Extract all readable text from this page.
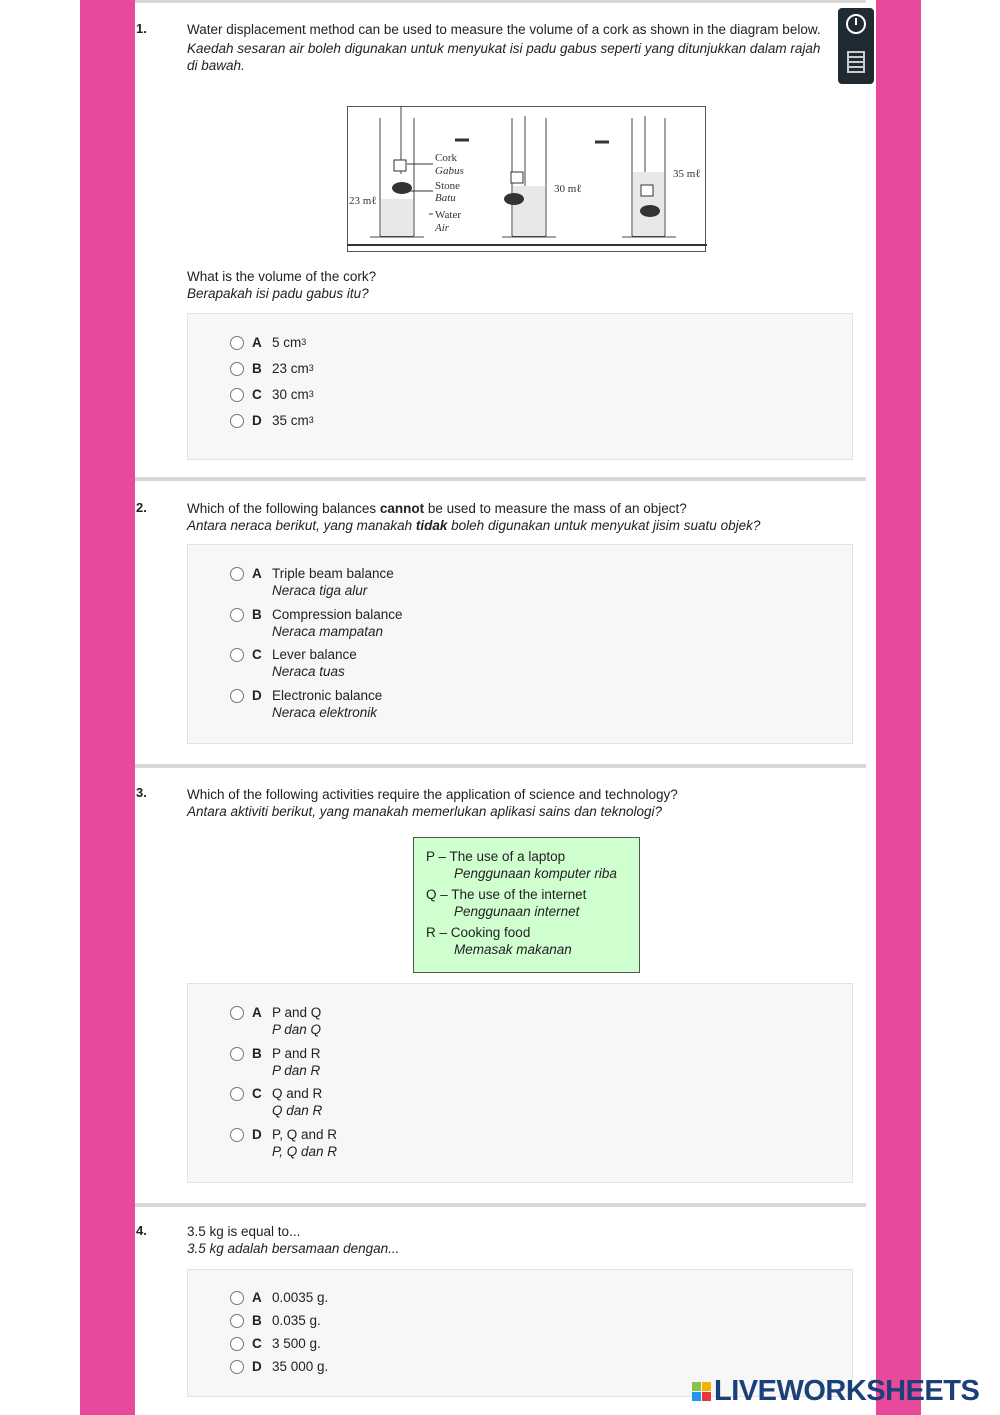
1.	Water displacement method can be used to measure the volume of a cork as shown in the diagram below.
Kaedah sesaran air boleh digunakan untuk menyukat isi padu gabus seperti yang ditunjukkan dalam rajah di bawah.
Cork
Gabus
Stone
Batu
Water
Air
23 mℓ
30 mℓ
35 mℓ
What is the volume of the cork?
Berapakah isi padu gabus itu?
A 5 cm 3
B 23 cm 3
C 30 cm 3
D 35 cm 3
2.	Which of the following balances cannot be used to measure the mass of an object?
Antara neraca berikut, yang manakah tidak boleh digunakan untuk menyukat jisim suatu objek?
A Triple beam balance
Neraca tiga alur
B Compression balance
Neraca mampatan
C Lever balance
Neraca tuas
D Electronic balance
Neraca elektronik
3.	Which of the following activities require the application of science and technology?
Antara aktiviti berikut, yang manakah memerlukan aplikasi sains dan teknologi?
P – The use of a laptop
Penggunaan komputer riba
Q – The use of the internet
Penggunaan internet
R – Cooking food
Memasak makanan
A P and Q
P dan Q
B P and R
P dan R
C Q and R
Q dan R
D P, Q and R
P, Q dan R
4.	3.5 kg is equal to...
3.5 kg adalah bersamaan dengan...
A 0.0035 g.
B 0.035 g.
C 3 500 g.
D 35 000 g.
LIVEWORKSHEETS
